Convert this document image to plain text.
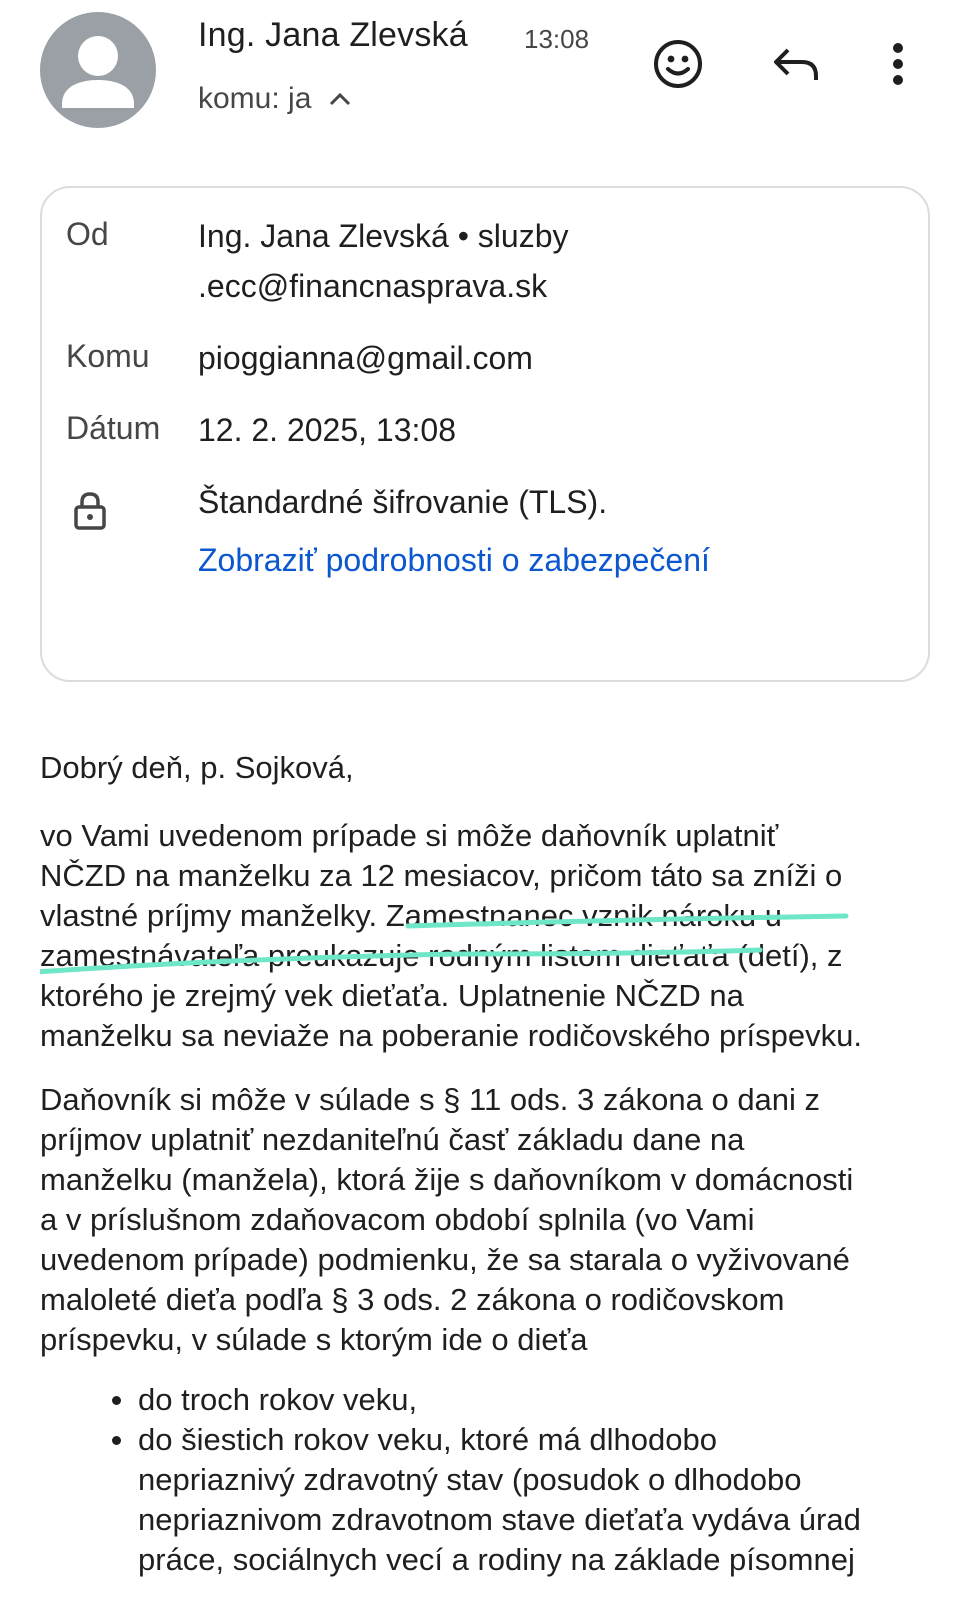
Ing. Jana Zlevská 13:08
komu: ja
Od	Ing. Jana Zlevská • sluzby
.ecc@financnasprava.sk
Komu pioggianna@gmail.com
Dátum 12. 2. 2025, 13:08
Štandardné šifrovanie (TLS).
Zobraziť podrobnosti o zabezpečení
Dobrý deň, p. Sojková,
vo Vami uvedenom prípade si môže daňovník uplatniť
NČZD na manželku za 12 mesiacov, pričom táto sa zníži o
vlastné príjmy manželky. Zamestnanec vznik nároku u
zamestnávateľa preukazuje rodným listom dieťaťa (detí), z
ktorého je zrejmý vek dieťaťa. Uplatnenie NČZD na
manželku sa neviaže na poberanie rodičovského príspevku.
Daňovník si môže v súlade s § 11 ods. 3 zákona o dani z
príjmov uplatniť nezdaniteľnú časť základu dane na
manželku (manžela), ktorá žije s daňovníkom v domácnosti
a v príslušnom zdaňovacom období splnila (vo Vami
uvedenom prípade) podmienku, že sa starala o vyživované
maloleté dieťa podľa § 3 ods. 2 zákona o rodičovskom
príspevku, v súlade s ktorým ide o dieťa
do troch rokov veku,
do šiestich rokov veku, ktoré má dlhodobo
nepriaznivý zdravotný stav (posudok o dlhodobo
nepriaznivom zdravotnom stave dieťaťa vydáva úrad
práce, sociálnych vecí a rodiny na základe písomnej
